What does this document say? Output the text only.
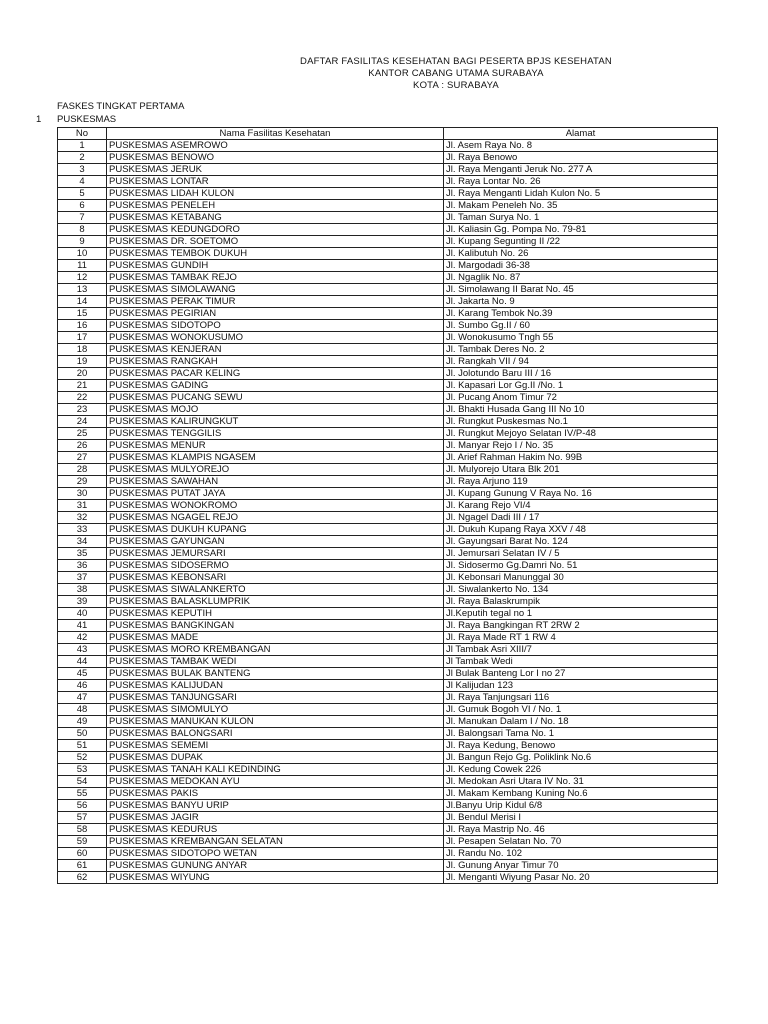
DAFTAR FASILITAS KESEHATAN BAGI PESERTA BPJS KESEHATAN

KANTOR CABANG UTAMA SURABAYA

KOTA : SURABAYA

FASKES TINGKAT PERTAMA
1 PUSKESMAS
No	Nama Fasilitas Kesehatan	Alamat
1	PUSKESMAS ASEMROWO	Jl. Asem Raya No. 8
2	PUSKESMAS BENOWO	Jl. Raya Benowo
3	PUSKESMAS JERUK	Jl. Raya Menganti Jeruk No. 277 A
4	PUSKESMAS LONTAR	Jl. Raya Lontar No. 26
5	PUSKESMAS LIDAH KULON	Jl. Raya Menganti Lidah Kulon No. 5
6	PUSKESMAS PENELEH	Jl. Makam Peneleh No. 35
7	PUSKESMAS KETABANG	Jl. Taman Surya No. 1
8	PUSKESMAS KEDUNGDORO	Jl. Kaliasin Gg. Pompa No. 79-81
9	PUSKESMAS DR. SOETOMO	Jl. Kupang Segunting II /22
10	PUSKESMAS TEMBOK DUKUH	Jl. Kalibutuh No. 26
11	PUSKESMAS GUNDIH	Jl. Margodadi 36-38
12	PUSKESMAS TAMBAK REJO	Jl. Ngaglik No. 87
13	PUSKESMAS SIMOLAWANG	Jl. Simolawang II Barat No. 45
14	PUSKESMAS PERAK TIMUR	Jl. Jakarta No. 9
15	PUSKESMAS PEGIRIAN	Jl. Karang Tembok No.39
16	PUSKESMAS SIDOTOPO	Jl. Sumbo Gg.II / 60
17	PUSKESMAS WONOKUSUMO	Jl. Wonokusumo Tngh 55
18	PUSKESMAS KENJERAN	Jl. Tambak Deres No. 2
19	PUSKESMAS RANGKAH	Jl. Rangkah VII / 94
20	PUSKESMAS PACAR KELING	Jl. Jolotundo Baru III / 16
21	PUSKESMAS GADING	Jl. Kapasari Lor Gg.II /No. 1
22	PUSKESMAS PUCANG SEWU	Jl. Pucang Anom Timur 72
23	PUSKESMAS MOJO	Jl. Bhakti Husada Gang III No 10
24	PUSKESMAS KALIRUNGKUT	Jl. Rungkut Puskesmas No.1
25	PUSKESMAS TENGGILIS	Jl. Rungkut Mejoyo Selatan IV/P-48
26	PUSKESMAS MENUR	Jl. Manyar Rejo I / No. 35
27	PUSKESMAS KLAMPIS NGASEM	Jl. Arief Rahman Hakim No. 99B
28	PUSKESMAS MULYOREJO	Jl. Mulyorejo Utara Blk 201
29	PUSKESMAS SAWAHAN	Jl. Raya Arjuno 119
30	PUSKESMAS PUTAT JAYA	Jl. Kupang Gunung V Raya No. 16
31	PUSKESMAS WONOKROMO	Jl. Karang Rejo VI/4
32	PUSKESMAS NGAGEL REJO	Jl. Ngagel Dadi III / 17
33	PUSKESMAS DUKUH KUPANG	Jl. Dukuh Kupang Raya XXV / 48
34	PUSKESMAS GAYUNGAN	Jl. Gayungsari Barat No. 124
35	PUSKESMAS JEMURSARI	Jl. Jemursari Selatan IV / 5
36	PUSKESMAS SIDOSERMO	Jl. Sidosermo Gg.Damri No. 51
37	PUSKESMAS KEBONSARI	Jl. Kebonsari Manunggal 30
38	PUSKESMAS SIWALANKERTO	Jl. Siwalankerto No. 134
39	PUSKESMAS BALASKLUMPRIK	Jl. Raya Balaskrumpik
40	PUSKESMAS KEPUTIH	Jl.Keputih tegal no 1
41	PUSKESMAS BANGKINGAN	Jl. Raya Bangkingan RT 2RW 2
42	PUSKESMAS MADE	Jl. Raya Made RT 1 RW 4
43	PUSKESMAS MORO KREMBANGAN	Jl Tambak Asri XIII/7
44	PUSKESMAS TAMBAK WEDI	Jl Tambak Wedi
45	PUSKESMAS BULAK BANTENG	Jl Bulak Banteng Lor I no 27
46	PUSKESMAS KALIJUDAN	Jl Kalijudan 123
47	PUSKESMAS TANJUNGSARI	Jl. Raya Tanjungsari 116
48	PUSKESMAS SIMOMULYO	Jl. Gumuk Bogoh VI / No. 1
49	PUSKESMAS MANUKAN KULON	Jl. Manukan Dalam I / No. 18
50	PUSKESMAS BALONGSARI	Jl. Balongsari Tama No. 1
51	PUSKESMAS SEMEMI	Jl. Raya Kedung, Benowo
52	PUSKESMAS DUPAK	Jl. Bangun Rejo Gg. Poliklink No.6
53	PUSKESMAS TANAH KALI KEDINDING	Jl. Kedung Cowek 226
54	PUSKESMAS MEDOKAN AYU	Jl. Medokan Asri Utara IV No. 31
55	PUSKESMAS PAKIS	Jl. Makam Kembang Kuning No.6
56	PUSKESMAS BANYU URIP	Jl.Banyu Urip Kidul 6/8
57	PUSKESMAS JAGIR	Jl. Bendul Merisi I
58	PUSKESMAS KEDURUS	Jl. Raya Mastrip No. 46
59	PUSKESMAS KREMBANGAN SELATAN	Jl. Pesapen Selatan No. 70
60	PUSKESMAS SIDOTOPO WETAN	Jl. Randu No. 102
61	PUSKESMAS GUNUNG ANYAR	Jl. Gunung Anyar Timur 70
62	PUSKESMAS WIYUNG	Jl. Menganti Wiyung Pasar No. 20
